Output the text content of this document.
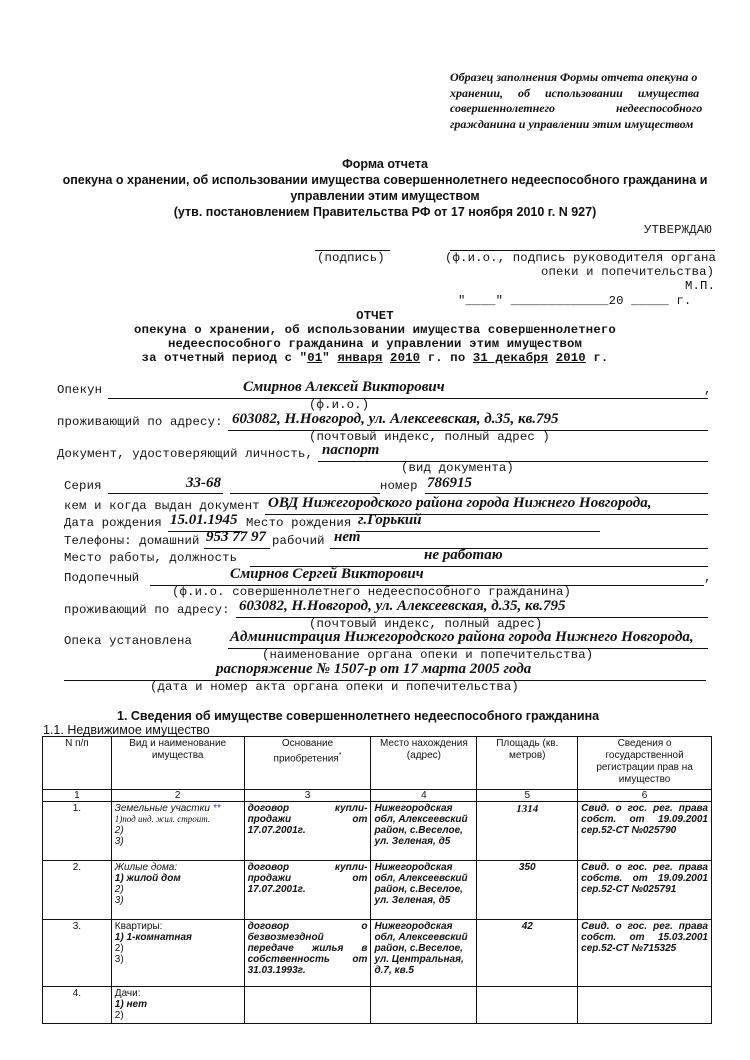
Образец заполнения Формы отчета опекуна о
хранении, об использовании имущества
совершеннолетнего недееспособного
гражданина и управлении этим имуществом
Форма отчета
опекуна о хранении, об использовании имущества совершеннолетнего недееспособного гражданина и
управлении этим имуществом
(утв. постановлением Правительства РФ от 17 ноября 2010 г. N 927)
УТВЕРЖДАЮ
(подпись)	(ф.и.о., подпись руководителя органа
опеки и попечительства)
М.П.
"____" _____________20 _____ г.
ОТЧЕТ
опекуна о хранении, об использовании имущества совершеннолетнего
недееспособного гражданина и управлении этим имуществом
за отчетный период с "01" января 2010 г. по 31 декабря 2010 г.
Опекун	Смирнов Алексей Викторович	,
(ф.и.о.)
проживающий по адресу: 603082, Н.Новгород, ул. Алексеевская, д.35, кв.795
(почтовый индекс, полный адрес )
Документ, удостоверяющий личность, паспорт
(вид документа)
Серия	33-68	номер 786915
кем и когда выдан документ ОВД Нижегородского района города Нижнего Новгорода,
Дата рождения 15.01.1945 Место рождения г.Горький
Телефоны: домашний 953 77 97 рабочий нет
Место работы, должность	не работаю
Подопечный	Смирнов Сергей Викторович	,
(ф.и.о. совершеннолетнего недееспособного гражданина)
проживающий по адресу: 603082, Н.Новгород, ул. Алексеевская, д.35, кв.795
(почтовый индекс, полный адрес)
Опека установлена	Администрация Нижегородского района города Нижнего Новгорода,
(наименование органа опеки и попечительства)
распоряжение № 1507-р от 17 марта 2005 года
(дата и номер акта органа опеки и попечительства)
1. Сведения об имуществе совершеннолетнего недееспособного гражданина
1.1. Недвижимое имущество
N п/п	Вид и наименование имущества	Основание приобретения*	Место нахождения (адрес)	Площадь (кв. метров)	Сведения о государственной регистрации прав на имущество
1	2	3	4	5	6
1.	Земельные участки **
1)под инд. жил. строит.
2)
3)	договор купли-продажи от 17.07.2001г.	Нижегородская обл, Алексеевский район, с.Веселое, ул. Зеленая, д5	1314	Свид. о гос. рег. права собст. от 19.09.2001 сер.52-СТ №025790
2.	Жилые дома:
1) жилой дом
2)
3)	договор купли-продажи от 17.07.2001г.	Нижегородская обл, Алексеевский район, с.Веселое, ул. Зеленая, д5	350	Свид. о гос. рег. права собств. от 19.09.2001 сер.52-СТ №025791
3.	Квартиры:
1) 1-комнатная
2)
3)	договор о безвозмездной передаче жилья в собственность от 31.03.1993г.	Нижегородская обл, Алексеевский район, с.Веселое, ул. Центральная, д.7, кв.5	42	Свид. о гос. рег. права собст. от 15.03.2001 сер.52-СТ №715325
4.	Дачи:
1) нет
2)				
